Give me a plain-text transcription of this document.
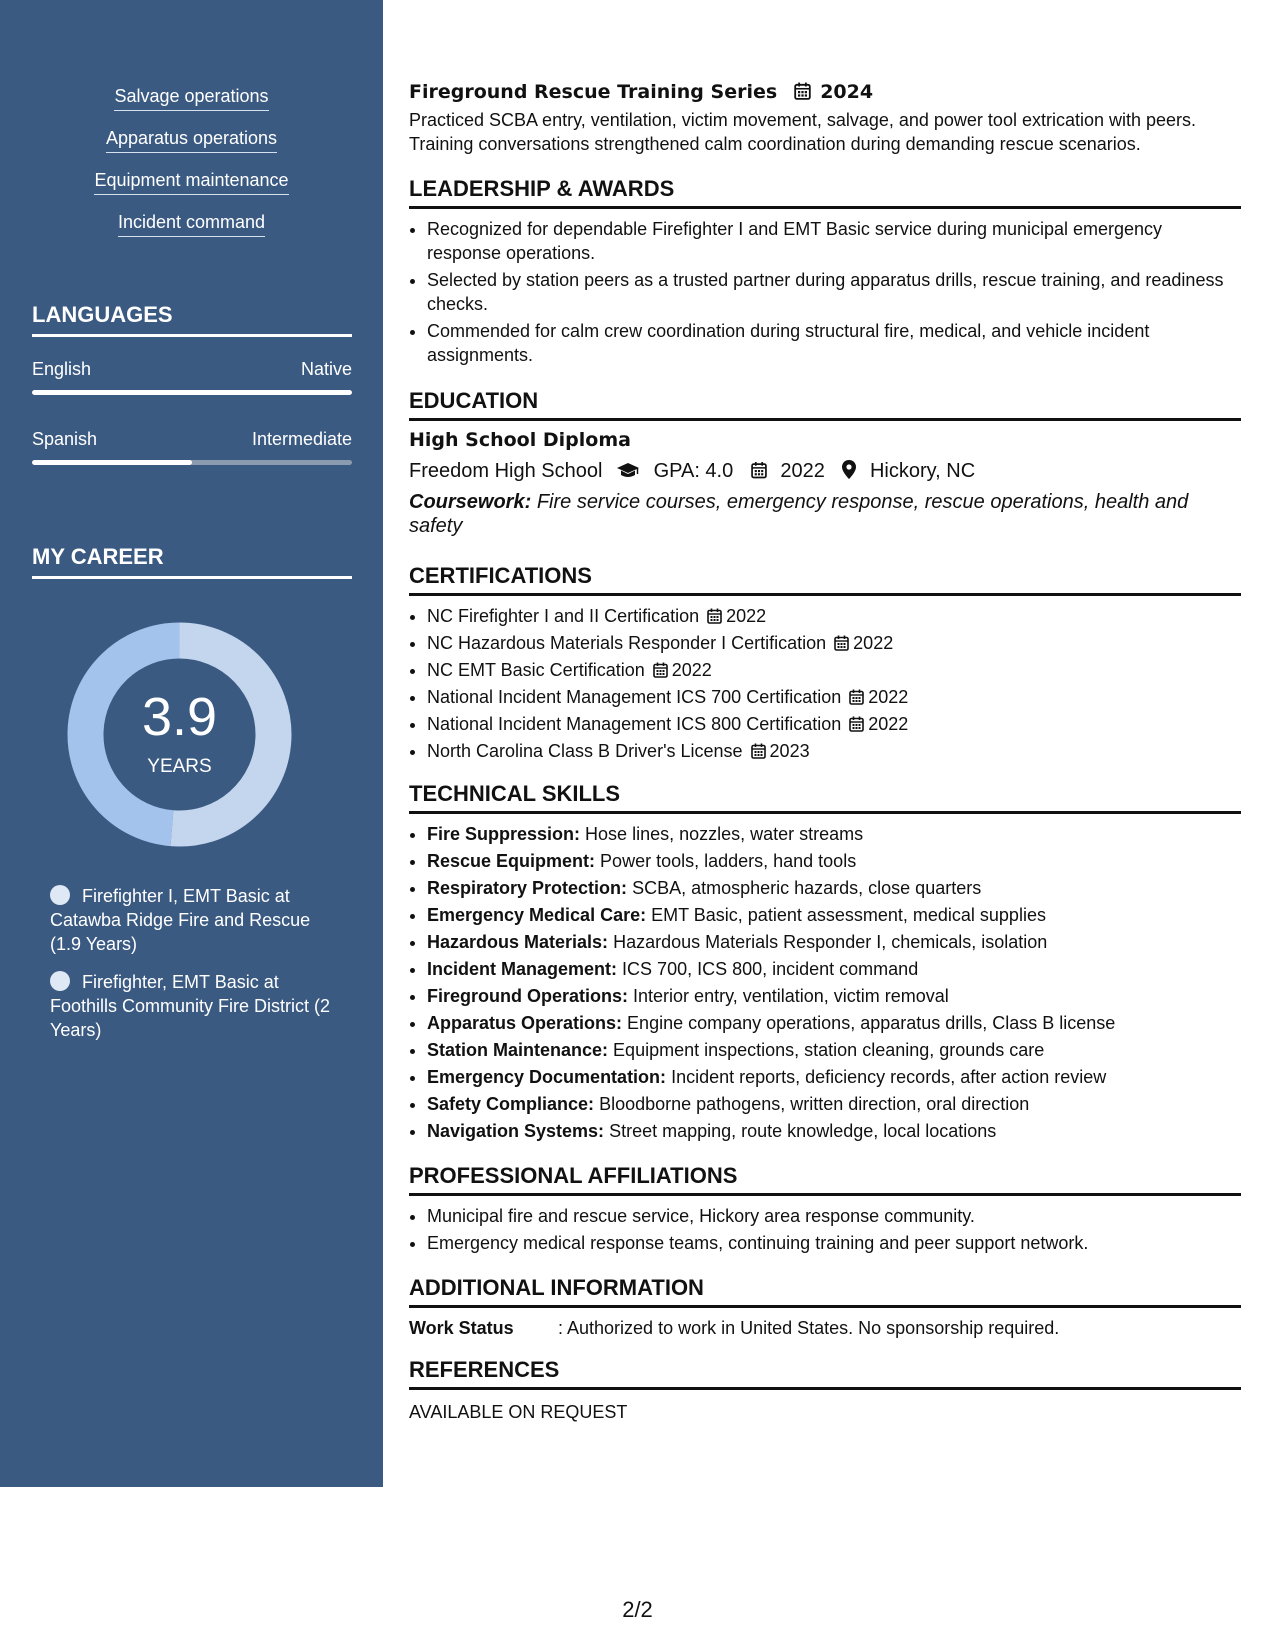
Salvage operations
Apparatus operations
Equipment maintenance
Incident command
LANGUAGES
English	Native
Spanish	Intermediate
MY CAREER
3.9
YEARS
Firefighter I, EMT Basic at Catawba Ridge Fire and Rescue (1.9 Years)
Firefighter, EMT Basic at Foothills Community Fire District (2 Years)
Fireground Rescue Training Series 2024
Practiced SCBA entry, ventilation, victim movement, salvage, and power tool extrication with peers. Training conversations strengthened calm coordination during demanding rescue scenarios.
LEADERSHIP & AWARDS
• Recognized for dependable Firefighter I and EMT Basic service during municipal emergency response operations.
• Selected by station peers as a trusted partner during apparatus drills, rescue training, and readiness checks.
• Commended for calm crew coordination during structural fire, medical, and vehicle incident assignments.
EDUCATION
High School Diploma
Freedom High School	GPA: 4.0 2022 Hickory, NC
Coursework: Fire service courses, emergency response, rescue operations, health and safety
CERTIFICATIONS
• NC Firefighter I and II Certification 2022
• NC Hazardous Materials Responder I Certification 2022
• NC EMT Basic Certification 2022
• National Incident Management ICS 700 Certification 2022
• National Incident Management ICS 800 Certification 2022
• North Carolina Class B Driver's License 2023
TECHNICAL SKILLS
• Fire Suppression: Hose lines, nozzles, water streams
• Rescue Equipment: Power tools, ladders, hand tools
• Respiratory Protection: SCBA, atmospheric hazards, close quarters
• Emergency Medical Care: EMT Basic, patient assessment, medical supplies
• Hazardous Materials: Hazardous Materials Responder I, chemicals, isolation
• Incident Management: ICS 700, ICS 800, incident command
• Fireground Operations: Interior entry, ventilation, victim removal
• Apparatus Operations: Engine company operations, apparatus drills, Class B license
• Station Maintenance: Equipment inspections, station cleaning, grounds care
• Emergency Documentation: Incident reports, deficiency records, after action review
• Safety Compliance: Bloodborne pathogens, written direction, oral direction
• Navigation Systems: Street mapping, route knowledge, local locations
PROFESSIONAL AFFILIATIONS
• Municipal fire and rescue service, Hickory area response community.
• Emergency medical response teams, continuing training and peer support network.
ADDITIONAL INFORMATION
Work Status	: Authorized to work in United States. No sponsorship required.
REFERENCES
AVAILABLE ON REQUEST
2/2
